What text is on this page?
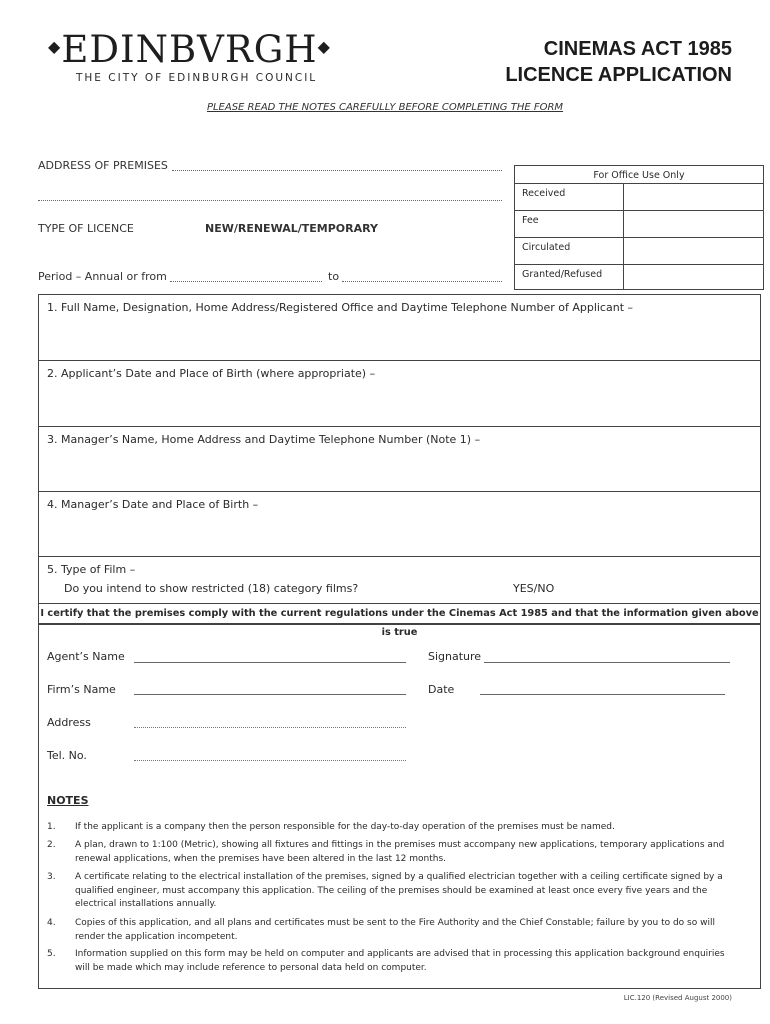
◆EDINBVRGH◆
THE CITY OF EDINBURGH COUNCIL
CINEMAS ACT 1985
LICENCE APPLICATION
PLEASE READ THE NOTES CAREFULLY BEFORE COMPLETING THE FORM
ADDRESS OF PREMISES
TYPE OF LICENCE	NEW/RENEWAL/TEMPORARY
Period – Annual or from	to
For Office Use Only
Received
Fee
Circulated
Granted/Refused
1. Full Name, Designation, Home Address/Registered Office and Daytime Telephone Number of Applicant –
2. Applicant’s Date and Place of Birth (where appropriate) –
3. Manager’s Name, Home Address and Daytime Telephone Number (Note 1) –
4. Manager’s Date and Place of Birth –
5. Type of Film –
Do you intend to show restricted (18) category films?	YES/NO
I certify that the premises comply with the current regulations under the Cinemas Act 1985 and that the information given above is true
Agent’s Name	Signature
Firm’s Name	Date
Address
Tel. No.
NOTES
1. If the applicant is a company then the person responsible for the day-to-day operation of the premises must be named.
2. A plan, drawn to 1:100 (Metric), showing all fixtures and fittings in the premises must accompany new applications, temporary applications and renewal applications, when the premises have been altered in the last 12 months.
3. A certificate relating to the electrical installation of the premises, signed by a qualified electrician together with a ceiling certificate signed by a qualified engineer, must accompany this application. The ceiling of the premises should be examined at least once every five years and the electrical installations annually.
4. Copies of this application, and all plans and certificates must be sent to the Fire Authority and the Chief Constable; failure by you to do so will render the application incompetent.
5. Information supplied on this form may be held on computer and applicants are advised that in processing this application background enquiries will be made which may include reference to personal data held on computer.
LIC.120 (Revised August 2000)
